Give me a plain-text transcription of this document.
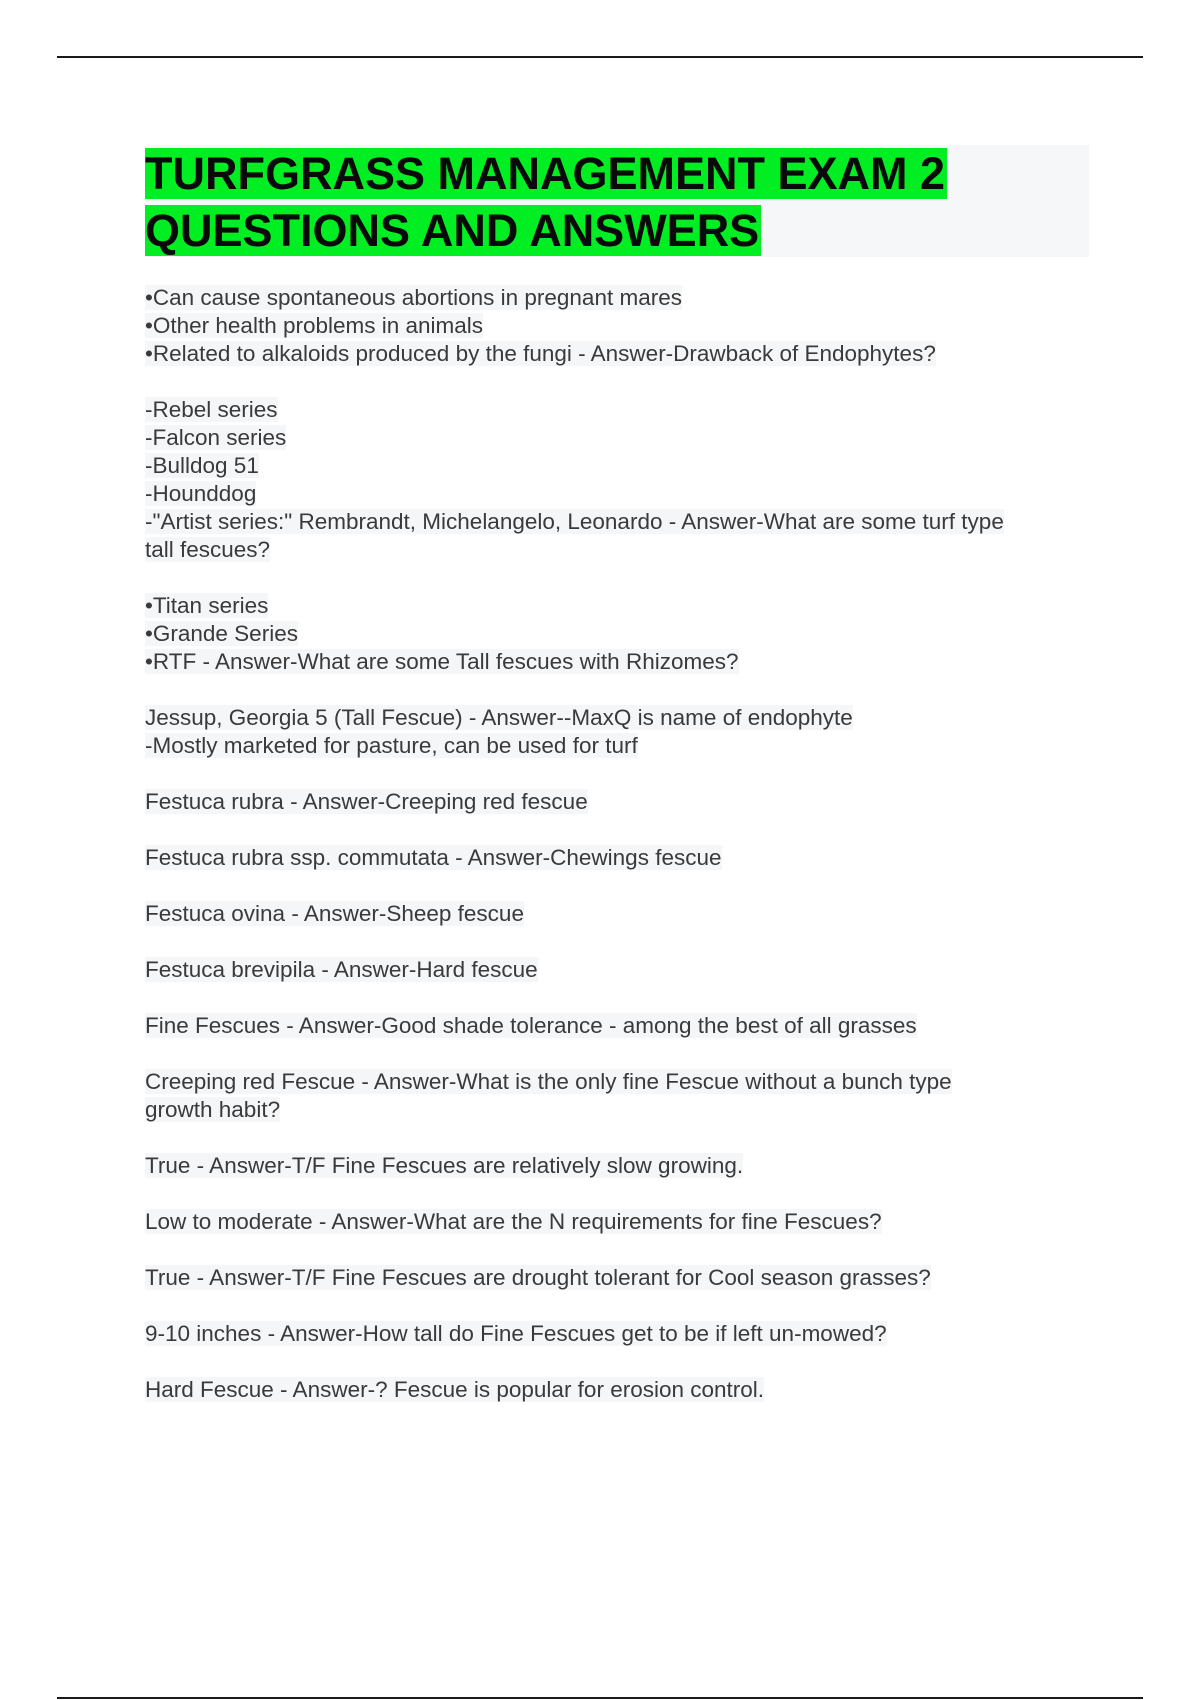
TURFGRASS MANAGEMENT EXAM 2
QUESTIONS AND ANSWERS

•Can cause spontaneous abortions in pregnant mares
•Other health problems in animals
•Related to alkaloids produced by the fungi - Answer-Drawback of Endophytes?

-Rebel series
-Falcon series
-Bulldog 51
-Hounddog
-"Artist series:" Rembrandt, Michelangelo, Leonardo - Answer-What are some turf type
tall fescues?

•Titan series
•Grande Series
•RTF - Answer-What are some Tall fescues with Rhizomes?

Jessup, Georgia 5 (Tall Fescue) - Answer--MaxQ is name of endophyte
-Mostly marketed for pasture, can be used for turf

Festuca rubra - Answer-Creeping red fescue

Festuca rubra ssp. commutata - Answer-Chewings fescue

Festuca ovina - Answer-Sheep fescue

Festuca brevipila - Answer-Hard fescue

Fine Fescues - Answer-Good shade tolerance - among the best of all grasses

Creeping red Fescue - Answer-What is the only fine Fescue without a bunch type
growth habit?

True - Answer-T/F Fine Fescues are relatively slow growing.

Low to moderate - Answer-What are the N requirements for fine Fescues?

True - Answer-T/F Fine Fescues are drought tolerant for Cool season grasses?

9-10 inches - Answer-How tall do Fine Fescues get to be if left un-mowed?

Hard Fescue - Answer-? Fescue is popular for erosion control.
